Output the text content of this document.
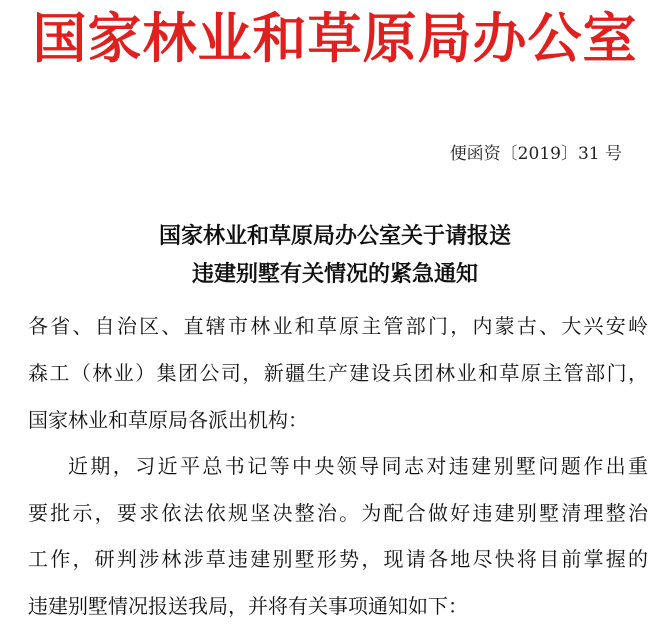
国家林业和草原局办公室
便函资〔2019〕31 号
国家林业和草原局办公室关于请报送
违建别墅有关情况的紧急通知
各省、自治区、直辖市林业和草原主管部门，内蒙古、大兴安岭
森工（林业）集团公司，新疆生产建设兵团林业和草原主管部门，
国家林业和草原局各派出机构：
近期，习近平总书记等中央领导同志对违建别墅问题作出重
要批示，要求依法依规坚决整治。为配合做好违建别墅清理整治
工作，研判涉林涉草违建别墅形势，现请各地尽快将目前掌握的
违建别墅情况报送我局，并将有关事项通知如下：
